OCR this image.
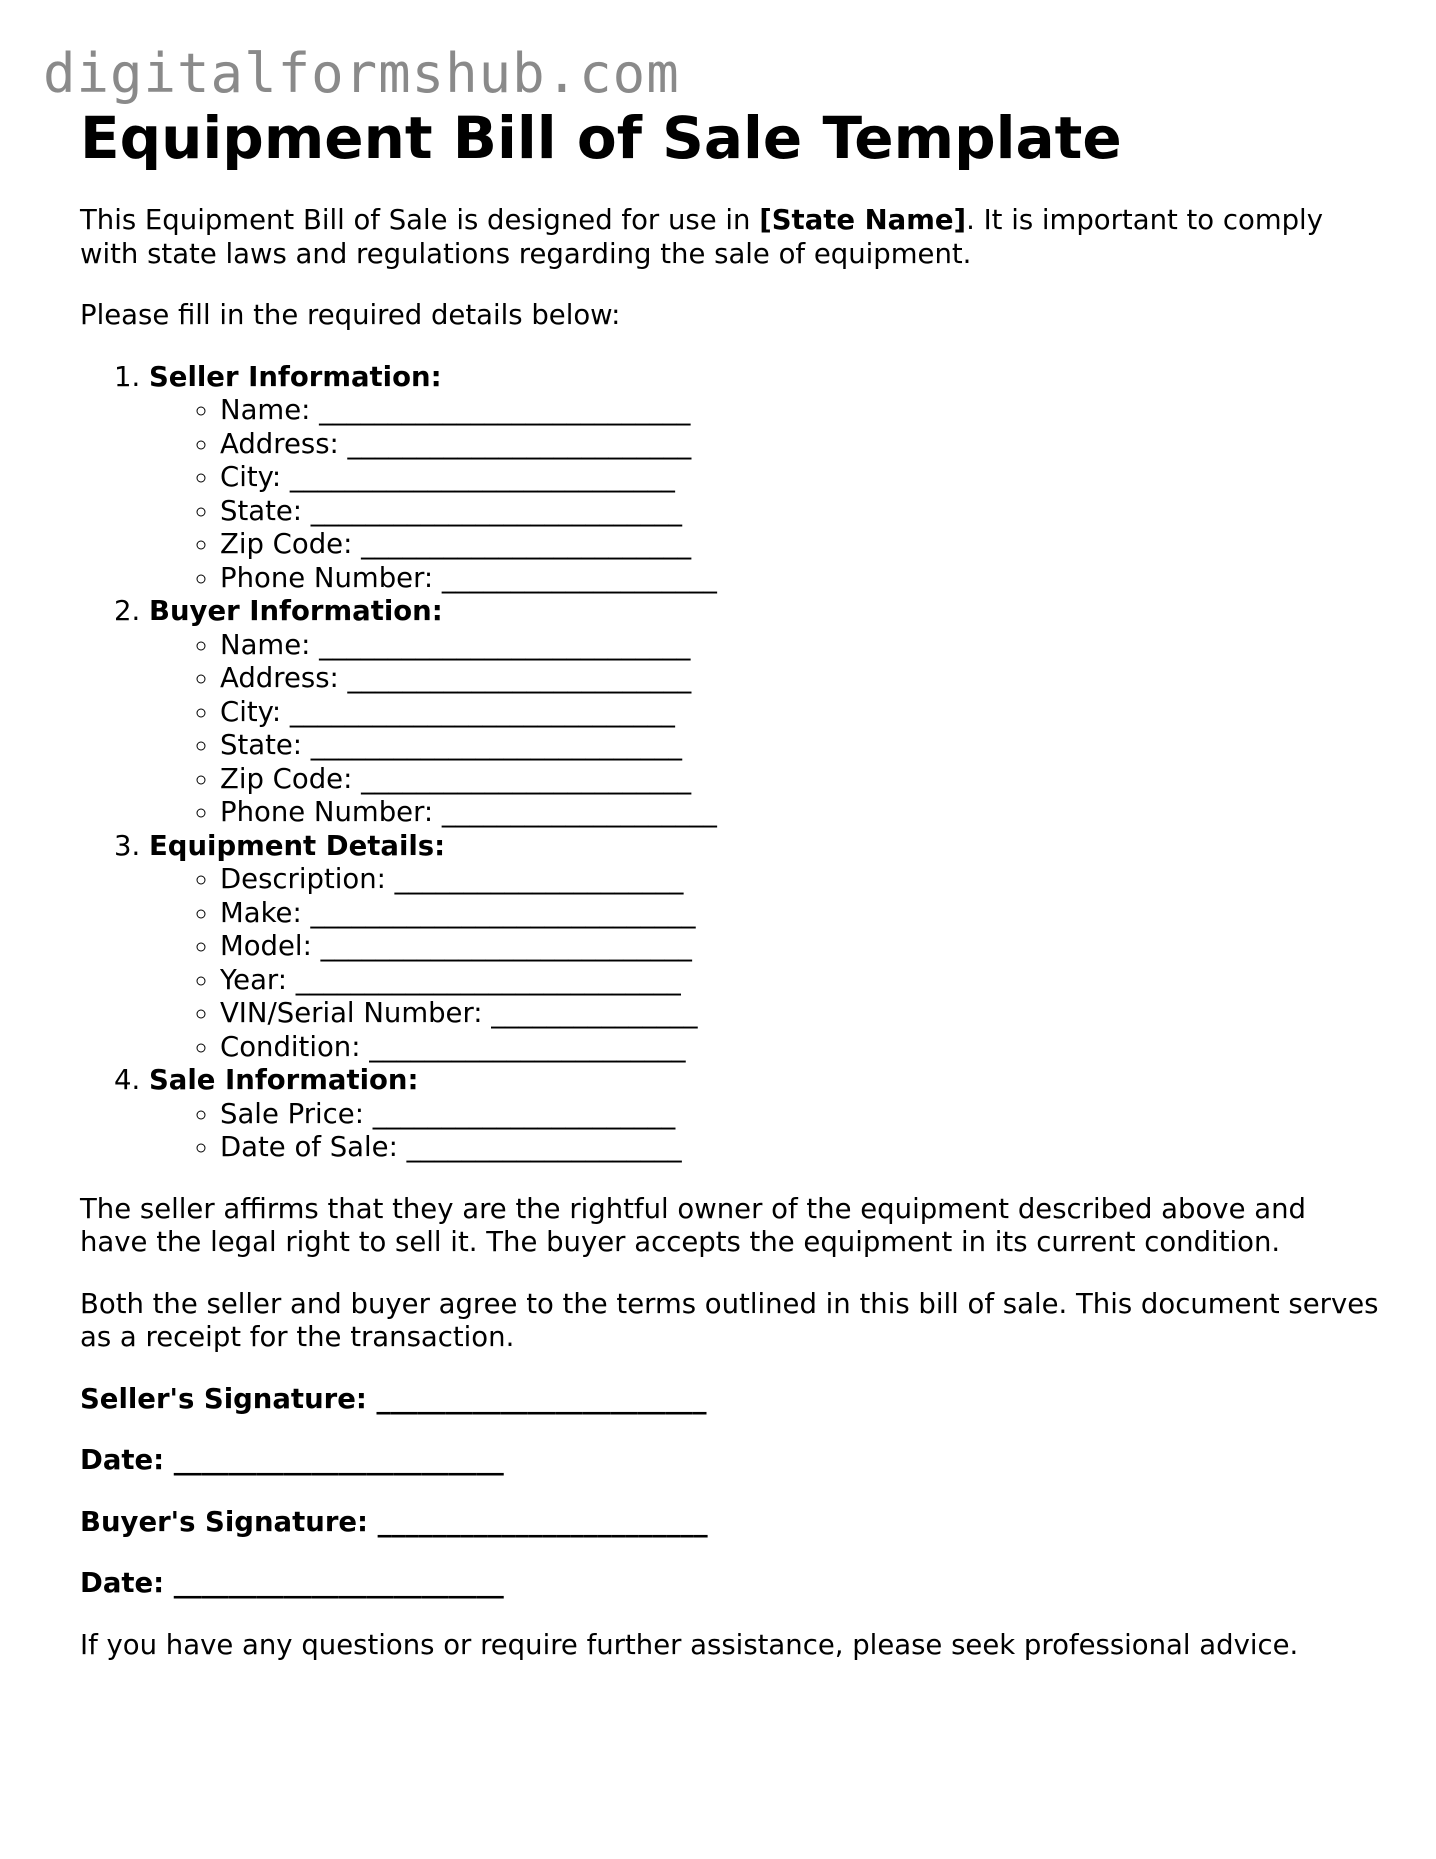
digitalformshub.com
Equipment Bill of Sale Template

This Equipment Bill of Sale is designed for use in [State Name]. It is important to comply with state laws and regulations regarding the sale of equipment.

Please fill in the required details below:

1. Seller Information:
◦ Name: ___________________________
◦ Address: _________________________
◦ City: ____________________________
◦ State: ___________________________
◦ Zip Code: ________________________
◦ Phone Number: ____________________
2. Buyer Information:
◦ Name: ___________________________
◦ Address: _________________________
◦ City: ____________________________
◦ State: ___________________________
◦ Zip Code: ________________________
◦ Phone Number: ____________________
3. Equipment Details:
◦ Description: _____________________
◦ Make: ____________________________
◦ Model: ___________________________
◦ Year: ____________________________
◦ VIN/Serial Number: _______________
◦ Condition: _______________________
4. Sale Information:
◦ Sale Price: ______________________
◦ Date of Sale: ____________________

The seller affirms that they are the rightful owner of the equipment described above and have the legal right to sell it. The buyer accepts the equipment in its current condition.

Both the seller and buyer agree to the terms outlined in this bill of sale. This document serves as a receipt for the transaction.

Seller's Signature: ________________________

Date: ________________________

Buyer's Signature: ________________________

Date: ________________________

If you have any questions or require further assistance, please seek professional advice.
